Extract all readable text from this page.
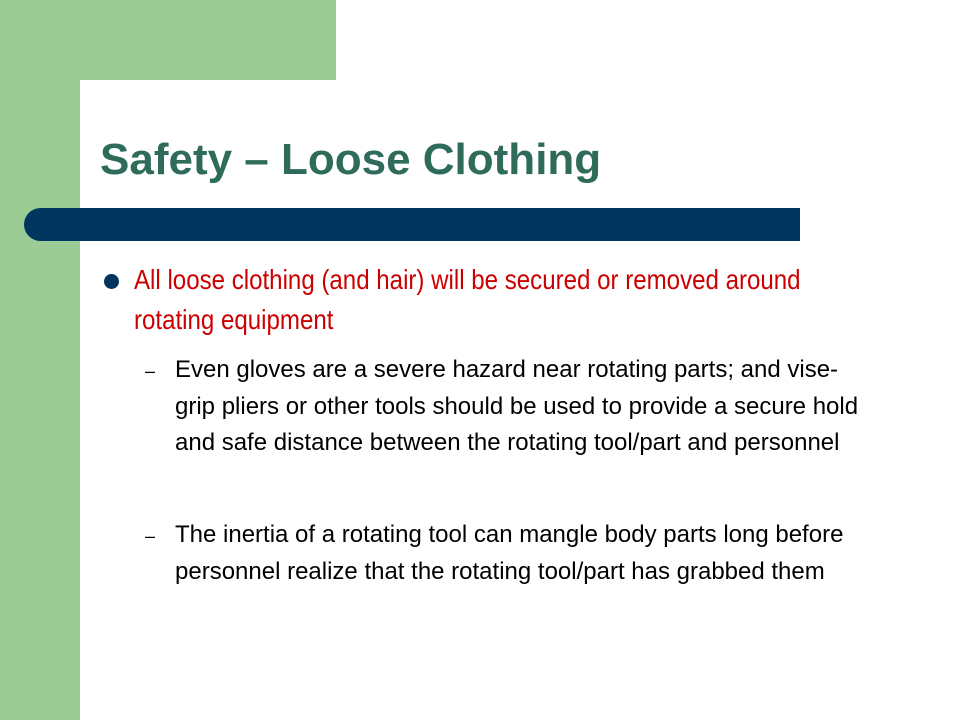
Safety – Loose Clothing

All loose clothing (and hair) will be secured or removed around rotating equipment

– Even gloves are a severe hazard near rotating parts; and vise-grip pliers or other tools should be used to provide a secure hold and safe distance between the rotating tool/part and personnel

– The inertia of a rotating tool can mangle body parts long before personnel realize that the rotating tool/part has grabbed them
